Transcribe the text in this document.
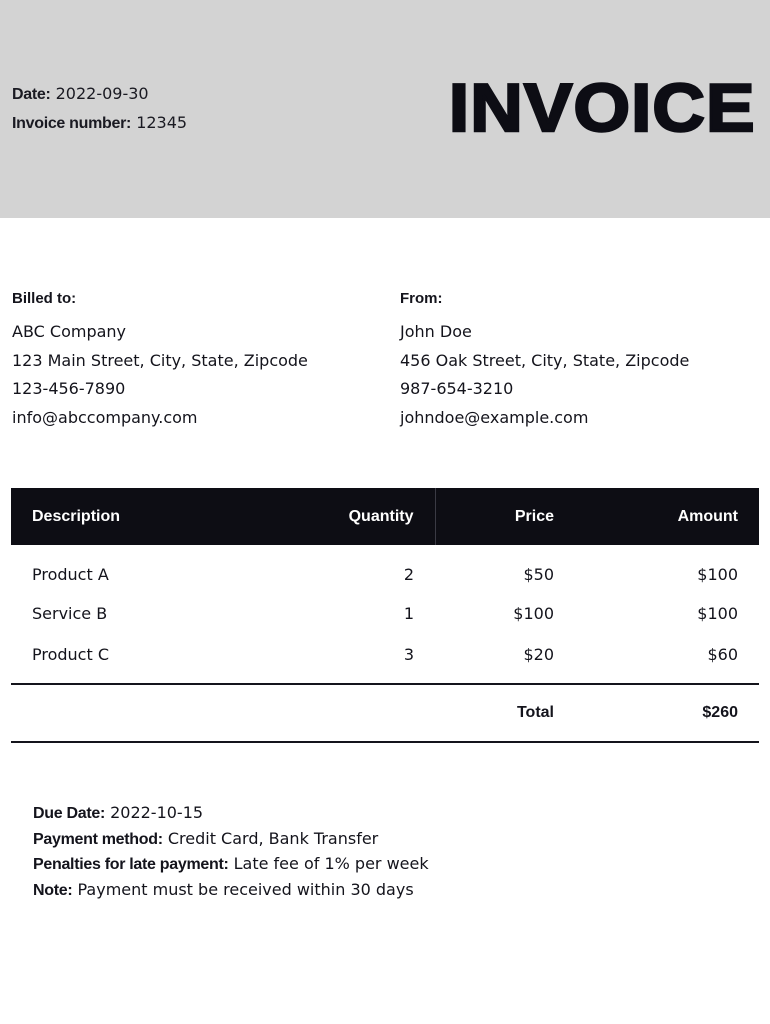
Date: 2022-09-30
Invoice number: 12345	INVOICE
Billed to:
ABC Company
123 Main Street, City, State, Zipcode
123-456-7890
info@abccompany.com
From:
John Doe
456 Oak Street, City, State, Zipcode
987-654-3210
johndoe@example.com
Description	Quantity	Price	Amount
Product A	2	$50	$100
Service B	1	$100	$100
Product C	3	$20	$60
		Total	$260
Due Date: 2022-10-15
Payment method: Credit Card, Bank Transfer
Penalties for late payment: Late fee of 1% per week
Note: Payment must be received within 30 days
